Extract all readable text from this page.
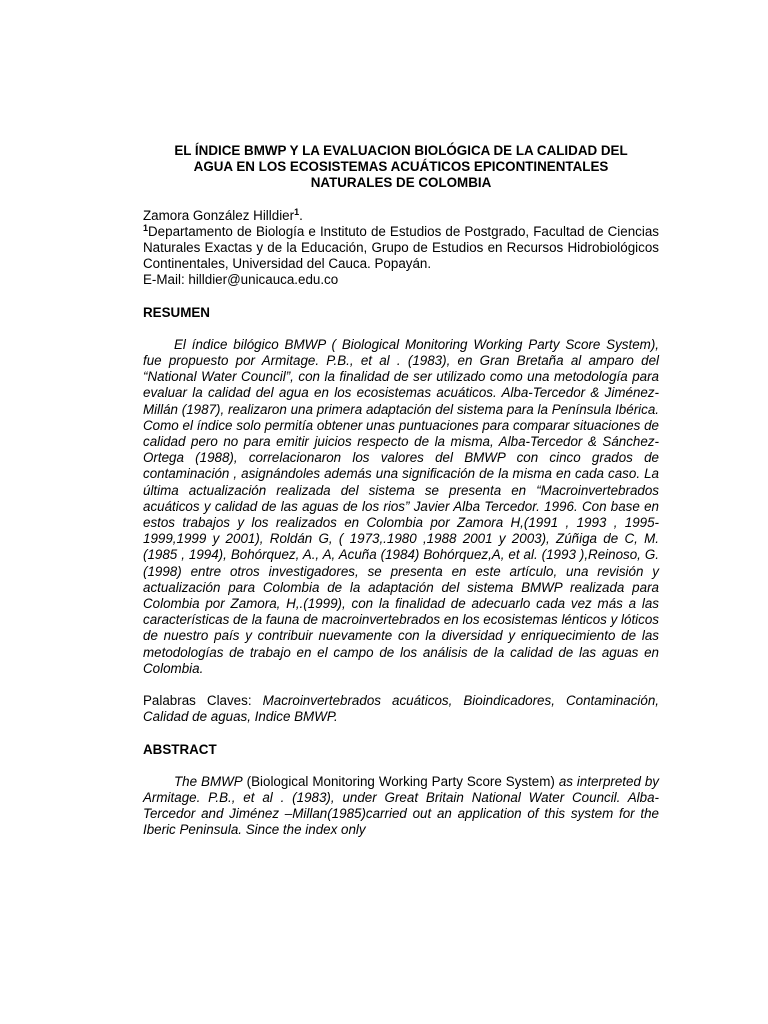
EL ÍNDICE BMWP Y LA EVALUACION BIOLÓGICA DE LA CALIDAD DEL
AGUA EN LOS ECOSISTEMAS ACUÁTICOS EPICONTINENTALES
NATURALES DE COLOMBIA
Zamora González Hilldier$^1$.
$^1$Departamento de Biología e Instituto de Estudios de Postgrado, Facultad de Ciencias Naturales Exactas y de la Educación, Grupo de Estudios en Recursos Hidrobiológicos Continentales, Universidad del Cauca. Popayán.
E-Mail: hilldier@unicauca.edu.co
RESUMEN

El índice bilógico BMWP ( Biological Monitoring Working Party Score System), fue propuesto por Armitage. P.B., et al . (1983), en Gran Bretaña al amparo del “National Water Council”, con la finalidad de ser utilizado como una metodología para evaluar la calidad del agua en los ecosistemas acuáticos. Alba-Tercedor & Jiménez-Millán (1987), realizaron una primera adaptación del sistema para la Península Ibérica. Como el índice solo permitía obtener unas puntuaciones para comparar situaciones de calidad pero no para emitir juicios respecto de la misma, Alba-Tercedor & Sánchez-Ortega (1988), correlacionaron los valores del BMWP con cinco grados de contaminación , asignándoles además una significación de la misma en cada caso. La última actualización realizada del sistema se presenta en “Macroinvertebrados acuáticos y calidad de las aguas de los rios” Javier Alba Tercedor. 1996. Con base en estos trabajos y los realizados en Colombia por Zamora H,(1991 , 1993 , 1995-1999,1999 y 2001), Roldán G, ( 1973,.1980 ,1988 2001 y 2003), Zúñiga de C, M. (1985 , 1994), Bohórquez, A., A, Acuña (1984) Bohórquez,A, et al. (1993 ),Reinoso, G. (1998) entre otros investigadores, se presenta en este artículo, una revisión y actualización para Colombia de la adaptación del sistema BMWP realizada para Colombia por Zamora, H,.(1999), con la finalidad de adecuarlo cada vez más a las características de la fauna de macroinvertebrados en los ecosistemas lénticos y lóticos de nuestro país y contribuir nuevamente con la diversidad y enriquecimiento de las metodologías de trabajo en el campo de los análisis de la calidad de las aguas en Colombia.

Palabras Claves: Macroinvertebrados acuáticos, Bioindicadores, Contaminación, Calidad de aguas, Indice BMWP.

ABSTRACT

The BMWP (Biological Monitoring Working Party Score System) as interpreted by Armitage. P.B., et al . (1983), under Great Britain National Water Council. Alba-Tercedor and Jiménez –Millan(1985)carried out an application of this system for the Iberic Peninsula. Since the index only
